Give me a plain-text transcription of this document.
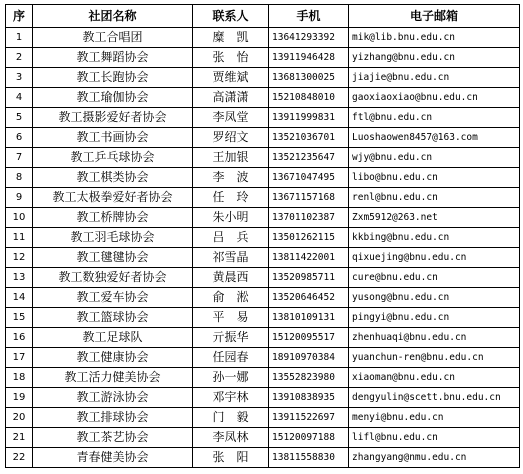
序	社团名称	联系人	手机	电子邮箱
1	教工合唱团	糜　凯	13641293392	mik@lib.bnu.edu.cn
2	教工舞蹈协会	张　怡	13911946428	yizhang@bnu.edu.cn
3	教工长跑协会	贾维斌	13681300025	jiajie@bnu.edu.cn
4	教工瑜伽协会	高潇潇	15210848010	gaoxiaoxiao@bnu.edu.cn
5	教工摄影爱好者协会	李凤堂	13911999831	ftl@bnu.edu.cn
6	教工书画协会	罗绍文	13521036701	Luoshaowen8457@163.com
7	教工乒乓球协会	王加银	13521235647	wjy@bnu.edu.cn
8	教工棋类协会	李　波	13671047495	libo@bnu.edu.cn
9	教工太极拳爱好者协会	任　玲	13671157168	renl@bnu.edu.cn
10	教工桥牌协会	朱小明	13701102387	Zxm5912@263.net
11	教工羽毛球协会	吕　兵	13501262115	kkbing@bnu.edu.cn
12	教工毽毽协会	祁雪晶	13811422001	qixuejing@bnu.edu.cn
13	教工数独爱好者协会	黄晨西	13520985711	cure@bnu.edu.cn
14	教工爱车协会	俞　淞	13520646452	yusong@bnu.edu.cn
15	教工篮球协会	平　易	13810109131	pingyi@bnu.edu.cn
16	教工足球队	亓振华	15120095517	zhenhuaqi@bnu.edu.cn
17	教工健康协会	任园春	18910970384	yuanchun-ren@bnu.edu.cn
18	教工活力健美协会	孙一娜	13552823980	xiaoman@bnu.edu.cn
19	教工游泳协会	邓宇林	13910838935	dengyulin@scett.bnu.edu.cn
20	教工排球协会	门　毅	13911522697	menyi@bnu.edu.cn
21	教工茶艺协会	李凤林	15120097188	lifl@bnu.edu.cn
22	青春健美协会	张　阳	13811558830	zhangyang@nmu.edu.cn
